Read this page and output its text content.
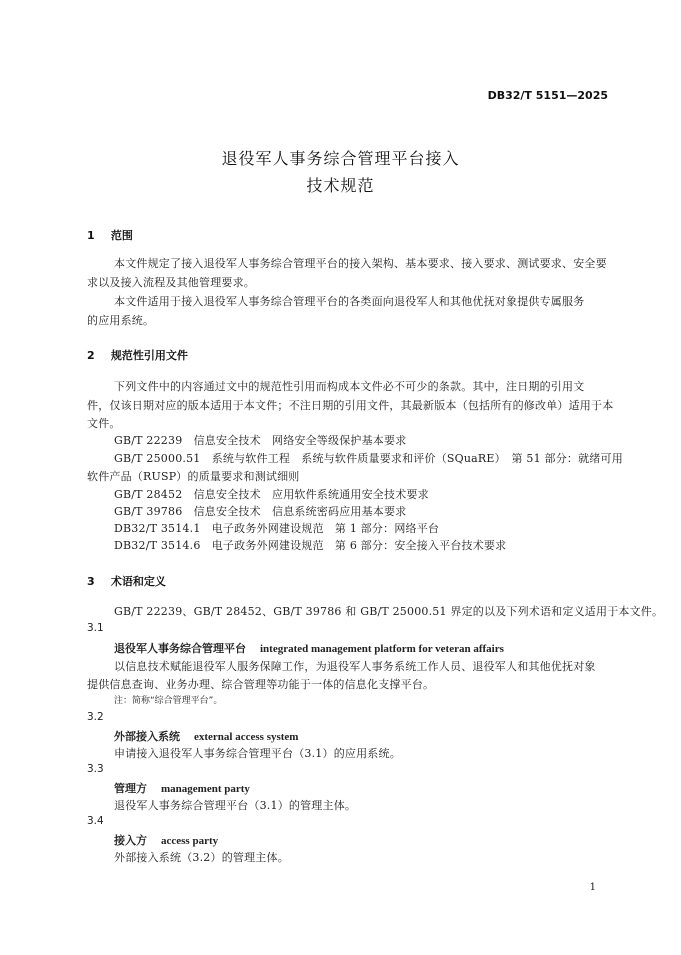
DB32/T 5151—2025
退役军人事务综合管理平台接入
技术规范
1 范围
本文件规定了接入退役军人事务综合管理平台的接入架构、基本要求、接入要求、测试要求、安全要
求以及接入流程及其他管理要求。
本文件适用于接入退役军人事务综合管理平台的各类面向退役军人和其他优抚对象提供专属服务
的应用系统。
2 规范性引用文件
下列文件中的内容通过文中的规范性引用而构成本文件必不可少的条款。其中，注日期的引用文
件，仅该日期对应的版本适用于本文件；不注日期的引用文件，其最新版本（包括所有的修改单）适用于本
文件。
GB/T 22239　信息安全技术　网络安全等级保护基本要求
GB/T 25000.51　系统与软件工程　系统与软件质量要求和评价（SQuaRE）　第 51 部分：就绪可用
软件产品（RUSP）的质量要求和测试细则
GB/T 28452　信息安全技术　应用软件系统通用安全技术要求
GB/T 39786　信息安全技术　信息系统密码应用基本要求
DB32/T 3514.1　电子政务外网建设规范　第 1 部分：网络平台
DB32/T 3514.6　电子政务外网建设规范　第 6 部分：安全接入平台技术要求
3 术语和定义
GB/T 22239、GB/T 28452、GB/T 39786 和 GB/T 25000.51 界定的以及下列术语和定义适用于本文件。
3.1
退役军人事务综合管理平台 integrated management platform for veteran affairs
以信息技术赋能退役军人服务保障工作，为退役军人事务系统工作人员、退役军人和其他优抚对象
提供信息查询、业务办理、综合管理等功能于一体的信息化支撑平台。
注：简称“综合管理平台”。
3.2
外部接入系统 external access system
申请接入退役军人事务综合管理平台（3.1）的应用系统。
3.3
管理方 management party
退役军人事务综合管理平台（3.1）的管理主体。
3.4
接入方 access party
外部接入系统（3.2）的管理主体。
1
